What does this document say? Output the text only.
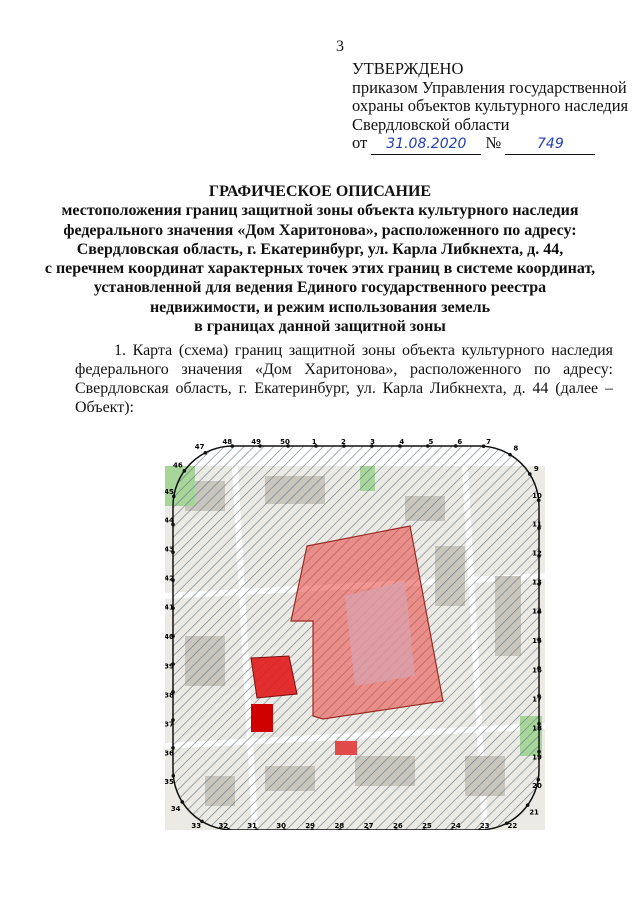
3
УТВЕРЖДЕНО
приказом Управления государственной
охраны объектов культурного наследия
Свердловской области
от 31.08.2020 №	749
ГРАФИЧЕСКОЕ ОПИСАНИЕ
местоположения границ защитной зоны объекта культурного наследия
федерального значения «Дом Харитонова», расположенного по адресу:
Свердловская область, г. Екатеринбург, ул. Карла Либкнехта, д. 44,
с перечнем координат характерных точек этих границ в системе координат,
установленной для ведения Единого государственного реестра
недвижимости, и режим использования земель
в границах данной защитной зоны
1. Карта (схема) границ защитной зоны объекта культурного наследия федерального значения «Дом Харитонова», расположенного по адресу: Свердловская область, г. Екатеринбург, ул. Карла Либкнехта, д. 44 (далее – Объект):
1	2	3	4	5	6	7
8
9
10
11
12
13
14
15
16
17
18
19
20
21
22
23
24
25
26
27
28
29
30
31
32
33
34
35
36
37
38
39
40
41
42
43
44
45
46
47
48	49	50
